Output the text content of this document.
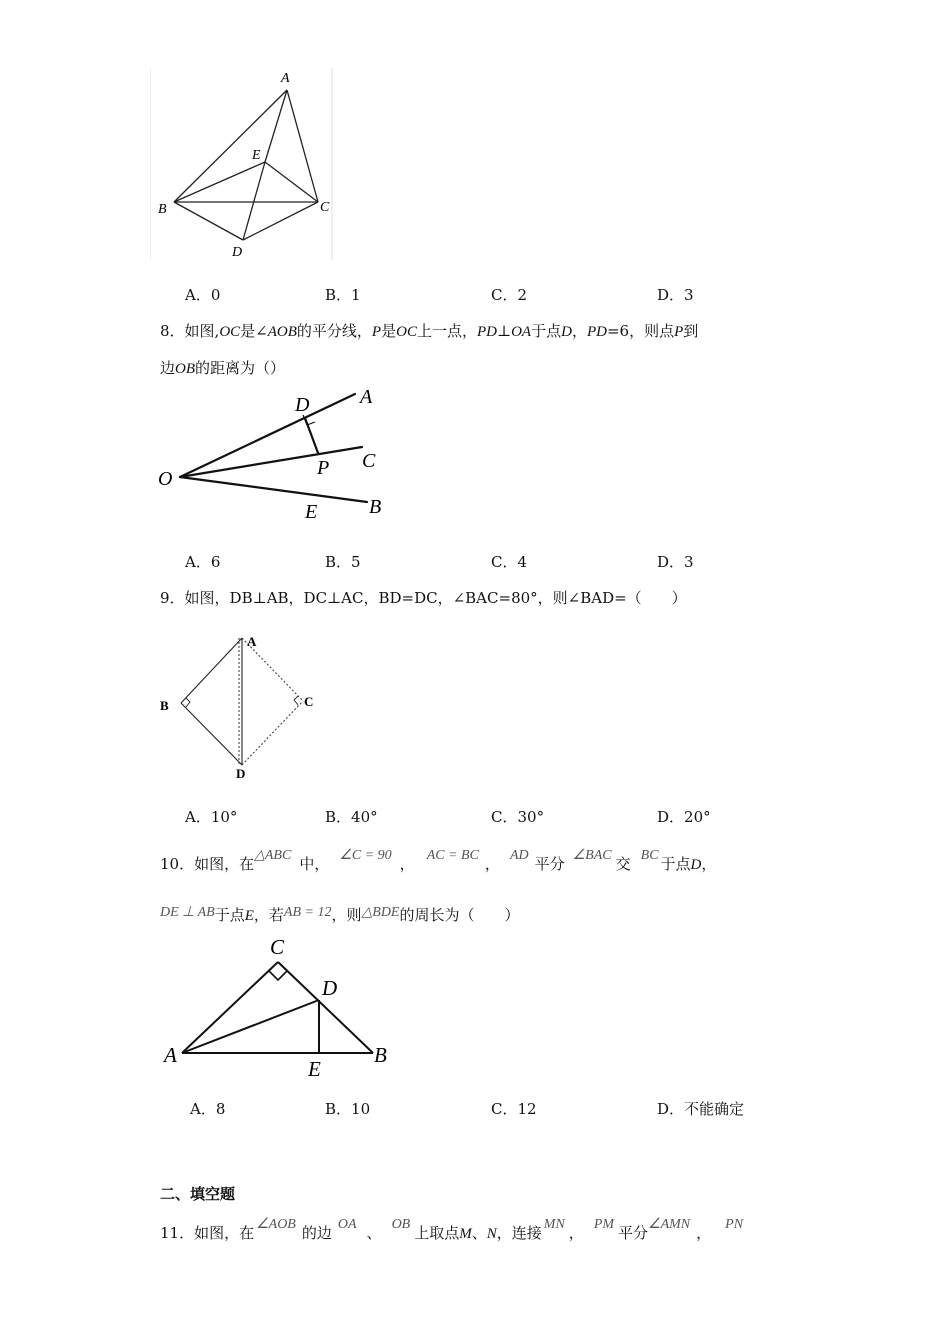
A
E
B	C
D
A．0	B．1	C．2	D．3
8．如图,OC是∠AOB的平分线，P是OC上一点，PD⊥OA于点D，PD=6，则点P到
边OB的距离为（）
D	A
O	P C
E	B
A．6	B．5	C．4	D．3
9．如图，DB⊥AB，DC⊥AC，BD=DC，∠BAC=80°，则∠BAD=（　　）
A
B	C
D
A．10°	B．40°	C．30°	D．20°
10．如图，在△ABC 中， ∠C = 90 ， AC = BC ， AD 平分 ∠BAC 交 BC 于点D，
DE ⊥ AB于点E，若AB = 12，则△BDE的周长为（　　）
C
D
A
E
B
A．8	B．10	C．12	D．不能确定
二、填空题
11．如图，在 ∠AOB 的边 OA 、 OB 上取点M、N，连接 MN ， PM 平分∠AMN ， PN
